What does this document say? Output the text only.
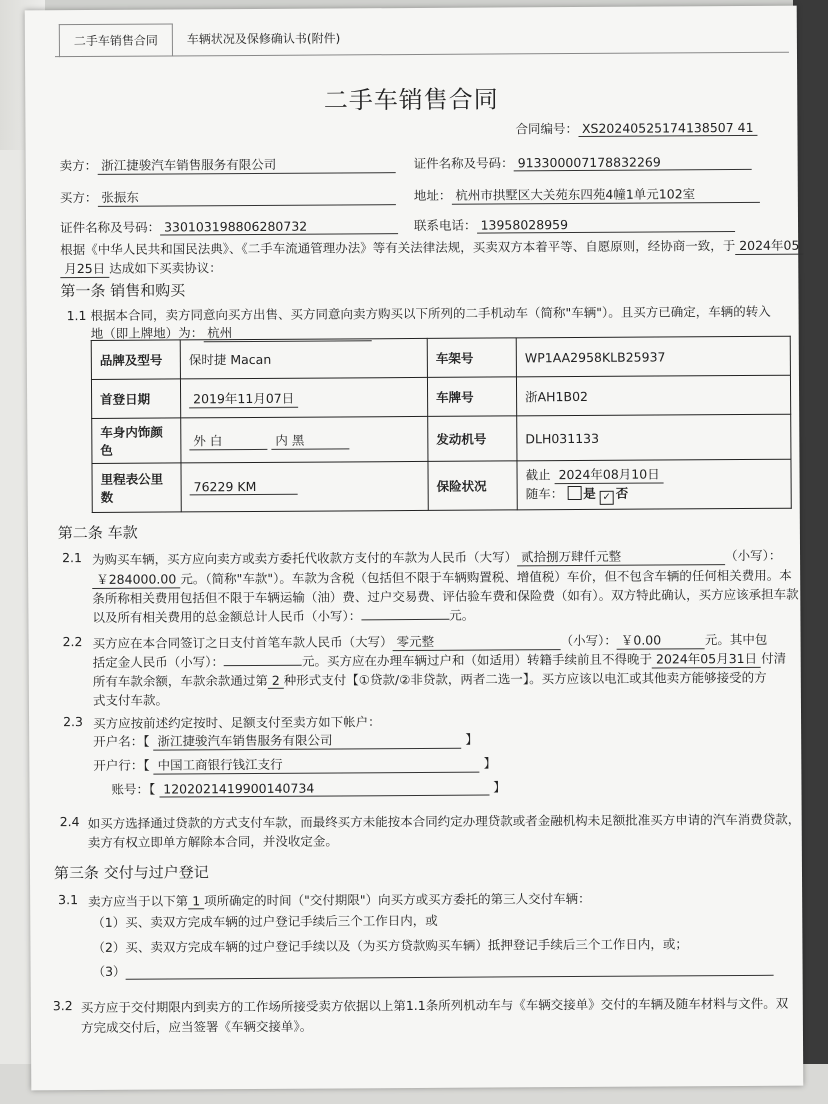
二手车销售合同	车辆状况及保修确认书(附件)
二手车销售合同
合同编号： XS20240525174138507 41
卖方： 浙江捷骏汽车销售服务有限公司	证件名称及号码： 913300007178832269
买方： 张振东	地址： 杭州市拱墅区大关苑东四苑4幢1单元102室
证件名称及号码： 330103198806280732	联系电话： 13958028959
根据《中华人民共和国民法典》、《二手车流通管理办法》等有关法律法规，买卖双方本着平等、自愿原则，经协商一致，于 2024年05
月25日 达成如下买卖协议：
第一条 销售和购买
1.1 根据本合同，卖方同意向买方出售、买方同意向卖方购买以下所列的二手机动车（简称"车辆"）。且买方已确定，车辆的转入
地（即上牌地）为： 杭州
品牌及型号	保时捷 Macan	车架号	WP1AA2958KLB25937
首登日期	2019年11月07日	车牌号	浙AH1B02
车身内饰颜色	外 白 内 黑	发动机号	DLH031133
里程表公里数	76229 KM	保险状况	截止 2024年08月10日
随车： 是 ✓ 否
第二条 车款
2.1 为购买车辆，买方应向卖方或卖方委托代收款方支付的车款为人民币（大写） 贰拾捌万肆仟元整	（小写）：
￥284000.00 元。（简称"车款"）。车款为含税（包括但不限于车辆购置税、增值税）车价，但不包含车辆的任何相关费用。本
条所称相关费用包括但不限于车辆运输（油）费、过户交易费、评估验车费和保险费（如有）。双方特此确认，买方应该承担车款
以及所有相关费用的总金额总计人民币（小写）：	元。
2.2 买方应在本合同签订之日支付首笔车款人民币（大写） 零元整	（小写）： ￥0.00	元。其中包
括定金人民币（小写）：	元。买方应在办理车辆过户和（如适用）转籍手续前且不得晚于 2024年05月31日 付清
所有车款余额，车款余款通过第 2 种形式支付【①贷款/②非贷款，两者二选一】。买方应该以电汇或其他卖方能够接受的方
式支付车款。
2.3 买方应按前述约定按时、足额支付至卖方如下帐户：
开户名：【 浙江捷骏汽车销售服务有限公司	】
开户行：【 中国工商银行钱江支行	】
账号：【 1202021419900140734	】
2.4 如买方选择通过贷款的方式支付车款，而最终买方未能按本合同约定办理贷款或者金融机构未足额批准买方申请的汽车消费贷款，
卖方有权立即单方解除本合同，并没收定金。
第三条 交付与过户登记
3.1 卖方应当于以下第 1 项所确定的时间（"交付期限"）向买方或买方委托的第三人交付车辆：
（1）买、卖双方完成车辆的过户登记手续后三个工作日内，或
（2）买、卖双方完成车辆的过户登记手续以及（为买方贷款购买车辆）抵押登记手续后三个工作日内，或；
（3）
3.2 买方应于交付期限内到卖方的工作场所接受卖方依据以上第1.1条所列机动车与《车辆交接单》交付的车辆及随车材料与文件。双
方完成交付后，应当签署《车辆交接单》。
